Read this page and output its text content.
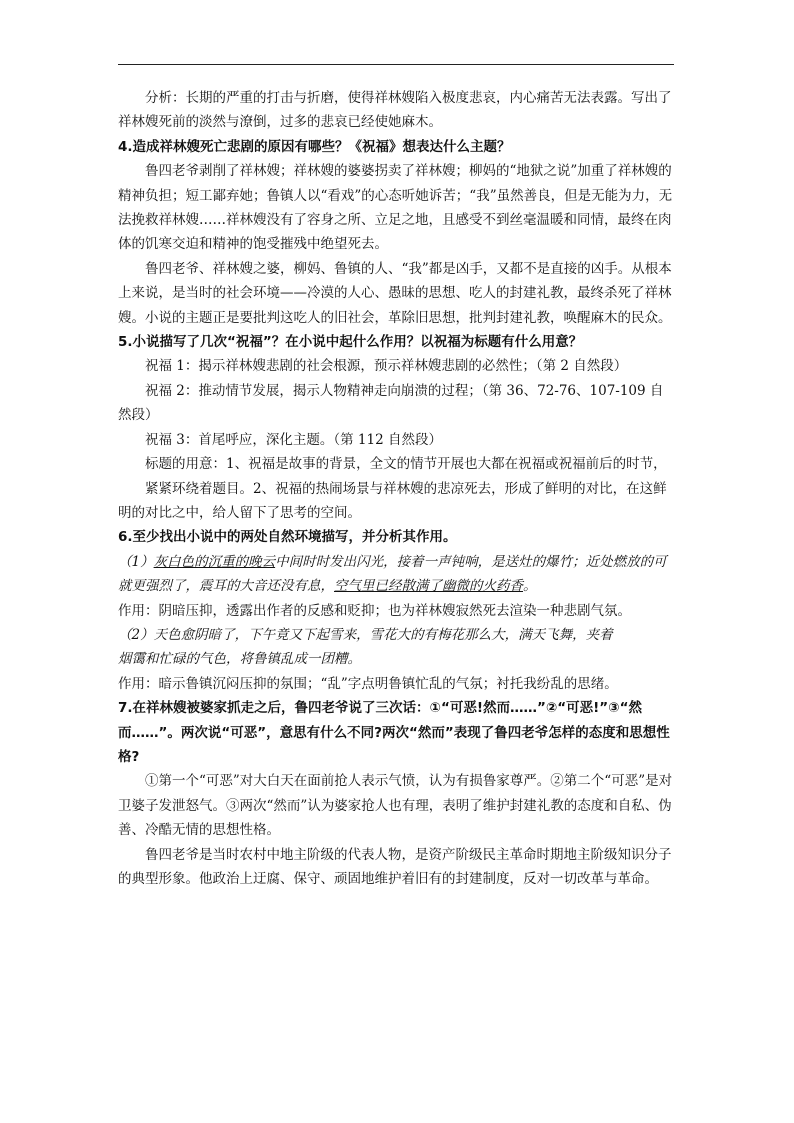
分析：长期的严重的打击与折磨，使得祥林嫂陷入极度悲哀，内心痛苦无法表露。写出了祥林嫂死前的淡然与潦倒，过多的悲哀已经使她麻木。

4.造成祥林嫂死亡悲剧的原因有哪些？《祝福》想表达什么主题？

鲁四老爷剥削了祥林嫂；祥林嫂的婆婆拐卖了祥林嫂；柳妈的“地狱之说”加重了祥林嫂的精神负担；短工鄙弃她；鲁镇人以“看戏”的心态听她诉苦；“我”虽然善良，但是无能为力，无法挽救祥林嫂……祥林嫂没有了容身之所、立足之地，且感受不到丝毫温暖和同情，最终在肉体的饥寒交迫和精神的饱受摧残中绝望死去。

鲁四老爷、祥林嫂之婆，柳妈、鲁镇的人、“我”都是凶手，又都不是直接的凶手。从根本上来说，是当时的社会环境——冷漠的人心、愚昧的思想、吃人的封建礼教，最终杀死了祥林嫂。小说的主题正是要批判这吃人的旧社会，革除旧思想，批判封建礼教，唤醒麻木的民众。

5.小说描写了几次“祝福”？在小说中起什么作用？以祝福为标题有什么用意？

祝福 1：揭示祥林嫂悲剧的社会根源，预示祥林嫂悲剧的必然性；（第 2 自然段）

祝福 2：推动情节发展，揭示人物精神走向崩溃的过程；（第 36、72-76、107-109 自然段）

祝福 3：首尾呼应，深化主题。（第 112 自然段）

标题的用意：1、祝福是故事的背景，全文的情节开展也大都在祝福或祝福前后的时节，

紧紧环绕着题目。2、祝福的热闹场景与祥林嫂的悲凉死去，形成了鲜明的对比，在这鲜明的对比之中，给人留下了思考的空间。

6.至少找出小说中的两处自然环境描写，并分析其作用。

（1）灰白色的沉重的晚云中间时时发出闪光，接着一声钝响，是送灶的爆竹；近处燃放的可就更强烈了，震耳的大音还没有息，空气里已经散满了幽微的火药香。

作用：阴暗压抑，透露出作者的反感和贬抑；也为祥林嫂寂然死去渲染一种悲剧气氛。

（2）天色愈阴暗了，下午竟又下起雪来，雪花大的有梅花那么大，满天飞舞，夹着

烟霭和忙碌的气色，将鲁镇乱成一团糟。

作用：暗示鲁镇沉闷压抑的氛围；“乱”字点明鲁镇忙乱的气氛；衬托我纷乱的思绪。

7.在祥林嫂被婆家抓走之后，鲁四老爷说了三次话：①“可恶!然而……”②“可恶!”③“然而……”。两次说“可恶”，意思有什么不同?两次“然而”表现了鲁四老爷怎样的态度和思想性格?

①第一个“可恶”对大白天在面前抢人表示气愤，认为有损鲁家尊严。②第二个“可恶”是对卫婆子发泄怒气。③两次“然而”认为婆家抢人也有理，表明了维护封建礼教的态度和自私、伪善、冷酷无情的思想性格。

鲁四老爷是当时农村中地主阶级的代表人物，是资产阶级民主革命时期地主阶级知识分子的典型形象。他政治上迂腐、保守、顽固地维护着旧有的封建制度，反对一切改革与革命。
